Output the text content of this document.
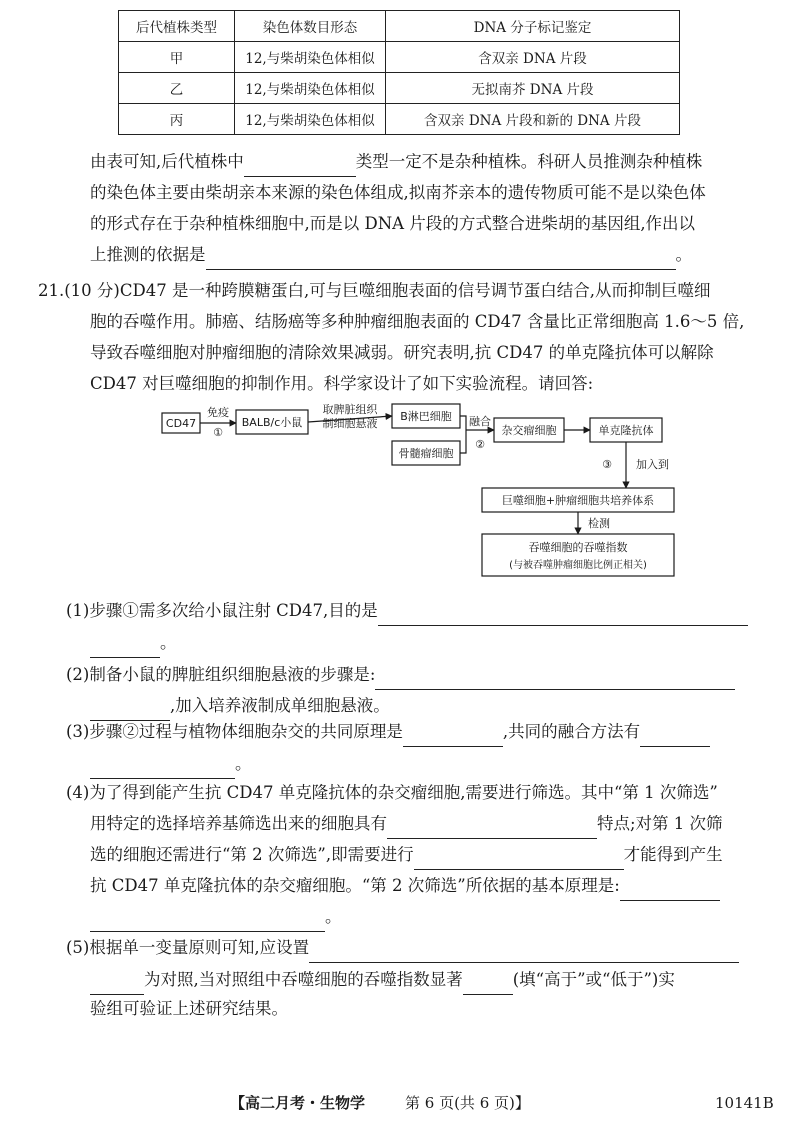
后代植株类型	染色体数目形态	DNA 分子标记鉴定
甲	12,与柴胡染色体相似	含双亲 DNA 片段
乙	12,与柴胡染色体相似	无拟南芥 DNA 片段
丙	12,与柴胡染色体相似	含双亲 DNA 片段和新的 DNA 片段
由表可知,后代植株中	类型一定不是杂种植株。科研人员推测杂种植株
的染色体主要由柴胡亲本来源的染色体组成,拟南芥亲本的遗传物质可能不是以染色体
的形式存在于杂种植株细胞中,而是以 DNA 片段的方式整合进柴胡的基因组,作出以
上推测的依据是	。
21.(10 分)CD47 是一种跨膜糖蛋白,可与巨噬细胞表面的信号调节蛋白结合,从而抑制巨噬细
胞的吞噬作用。肺癌、结肠癌等多种肿瘤细胞表面的 CD47 含量比正常细胞高 1.6～5 倍,
导致吞噬细胞对肿瘤细胞的清除效果减弱。研究表明,抗 CD47 的单克隆抗体可以解除
CD47 对巨噬细胞的抑制作用。科学家设计了如下实验流程。请回答:
CD47
免疫
①
BALB/c小鼠
取脾脏组织
制细胞悬液
B淋巴细胞
骨髓瘤细胞
融合
②
杂交瘤细胞	单克隆抗体
③ 加入到
巨噬细胞+肿瘤细胞共培养体系
检测
吞噬细胞的吞噬指数
(与被吞噬肿瘤细胞比例正相关)
(1)步骤①需多次给小鼠注射 CD47,目的是
。
(2)制备小鼠的脾脏组织细胞悬液的步骤是:
,加入培养液制成单细胞悬液。
(3)步骤②过程与植物体细胞杂交的共同原理是	,共同的融合方法有
。
(4)为了得到能产生抗 CD47 单克隆抗体的杂交瘤细胞,需要进行筛选。其中“第 1 次筛选”
用特定的选择培养基筛选出来的细胞具有	特点;对第 1 次筛
选的细胞还需进行“第 2 次筛选”,即需要进行	才能得到产生
抗 CD47 单克隆抗体的杂交瘤细胞。“第 2 次筛选”所依据的基本原理是:
。
(5)根据单一变量原则可知,应设置
为对照,当对照组中吞噬细胞的吞噬指数显著	(填“高于”或“低于”)实
验组可验证上述研究结果。
【高二月考・生物学	第 6 页(共 6 页)】	10141B
